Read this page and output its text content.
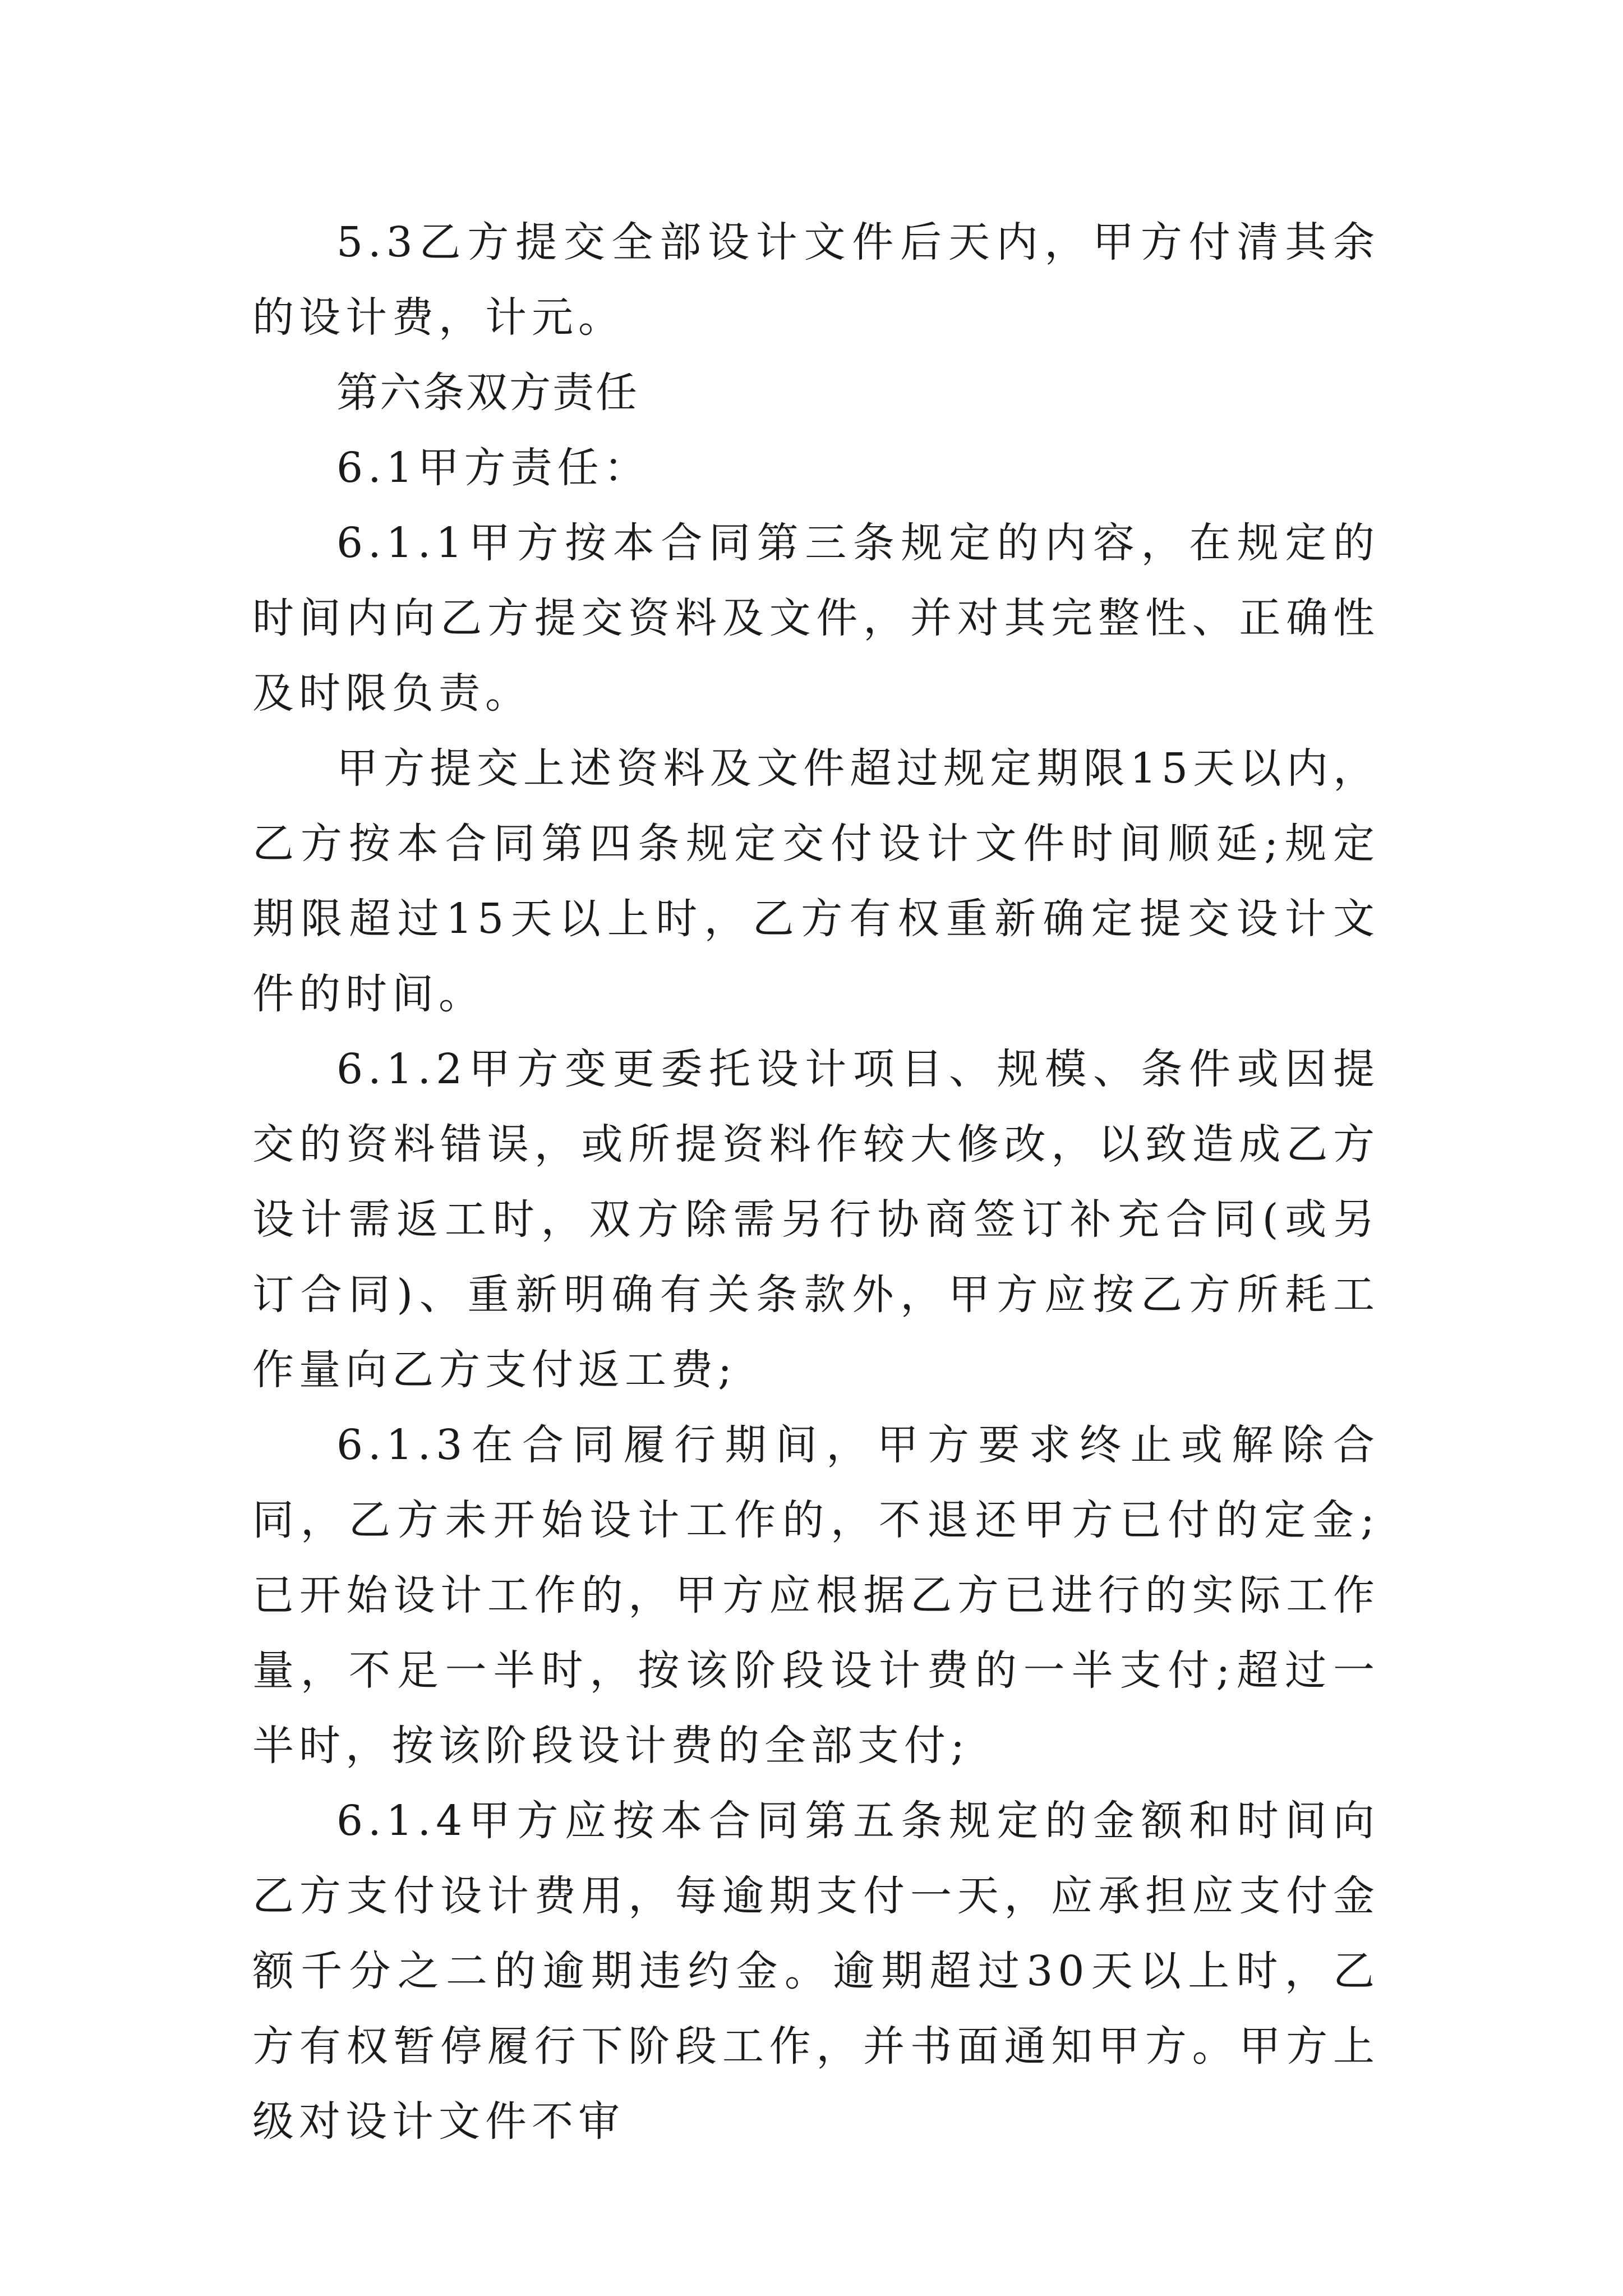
5.3乙方提交全部设计文件后天内，甲方付清其余的设计费，计元。

第六条双方责任

6.1甲方责任：

6.1.1甲方按本合同第三条规定的内容，在规定的时间内向乙方提交资料及文件，并对其完整性、正确性及时限负责。

甲方提交上述资料及文件超过规定期限15天以内，乙方按本合同第四条规定交付设计文件时间顺延;规定期限超过15天以上时，乙方有权重新确定提交设计文件的时间。

6.1.2甲方变更委托设计项目、规模、条件或因提交的资料错误，或所提资料作较大修改，以致造成乙方设计需返工时，双方除需另行协商签订补充合同(或另订合同)、重新明确有关条款外，甲方应按乙方所耗工作量向乙方支付返工费;

6.1.3在合同履行期间，甲方要求终止或解除合同，乙方未开始设计工作的，不退还甲方已付的定金;已开始设计工作的，甲方应根据乙方已进行的实际工作量，不足一半时，按该阶段设计费的一半支付;超过一半时，按该阶段设计费的全部支付;

6.1.4甲方应按本合同第五条规定的金额和时间向乙方支付设计费用，每逾期支付一天，应承担应支付金额千分之二的逾期违约金。逾期超过30天以上时，乙方有权暂停履行下阶段工作，并书面通知甲方。甲方上级对设计文件不审
